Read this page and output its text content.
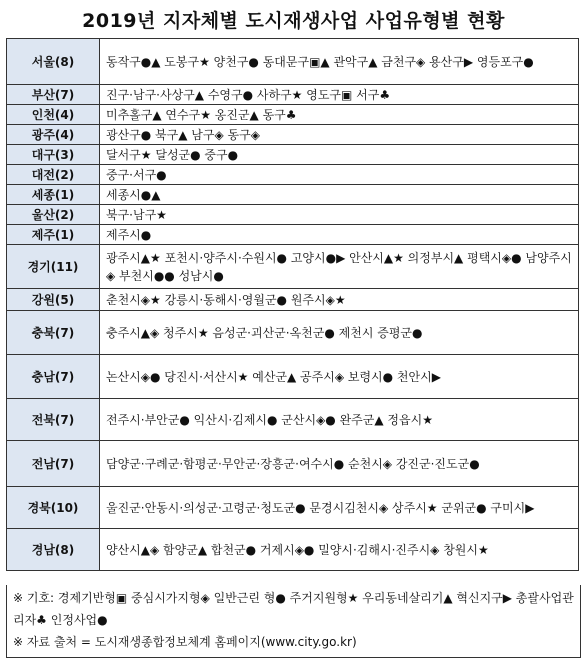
2019년 지자체별 도시재생사업 사업유형별 현황
서울(8)	동작구●▲ 도봉구★ 양천구● 동대문구▣▲ 관악구▲ 금천구◈ 용산구▶ 영등포구●
부산(7)	진구·남구·사상구▲ 수영구● 사하구★ 영도구▣ 서구♣
인천(4)	미추홀구▲ 연수구★ 옹진군▲ 동구♣
광주(4)	광산구● 북구▲ 남구◈ 동구◈
대구(3)	달서구★ 달성군● 중구●
대전(2)	중구·서구●
세종(1)	세종시●▲
울산(2)	북구·남구★
제주(1)	제주시●
경기(11)	광주시▲★ 포천시·양주시·수원시● 고양시●▶ 안산시▲★ 의정부시▲ 평택시◈● 남양주시◈ 부천시●● 성남시●
강원(5)	춘천시◈★ 강릉시·동해시·영월군● 원주시◈★
충북(7)	충주시▲◈ 청주시★ 음성군·괴산군·옥천군● 제천시 증평군●
충남(7)	논산시◈● 당진시·서산시★ 예산군▲ 공주시◈ 보령시● 천안시▶
전북(7)	전주시·부안군● 익산시·김제시● 군산시◈● 완주군▲ 정읍시★
전남(7)	담양군·구례군·함평군·무안군·장흥군·여수시● 순천시◈ 강진군·진도군●
경북(10)	울진군·안동시·의성군·고령군·청도군● 문경시김천시◈ 상주시★ 군위군● 구미시▶
경남(8)	양산시▲◈ 함양군▲ 합천군● 거제시◈● 밀양시·김해시·진주시◈ 창원시★

※ 기호: 경제기반형▣ 중심시가지형◈ 일반근린 형● 주거지원형★ 우리동네살리기▲ 혁신지구▶ 총괄사업관리자♣ 인정사업●

※ 자료 출처 = 도시재생종합정보체계 홈페이지(www.city.go.kr)
